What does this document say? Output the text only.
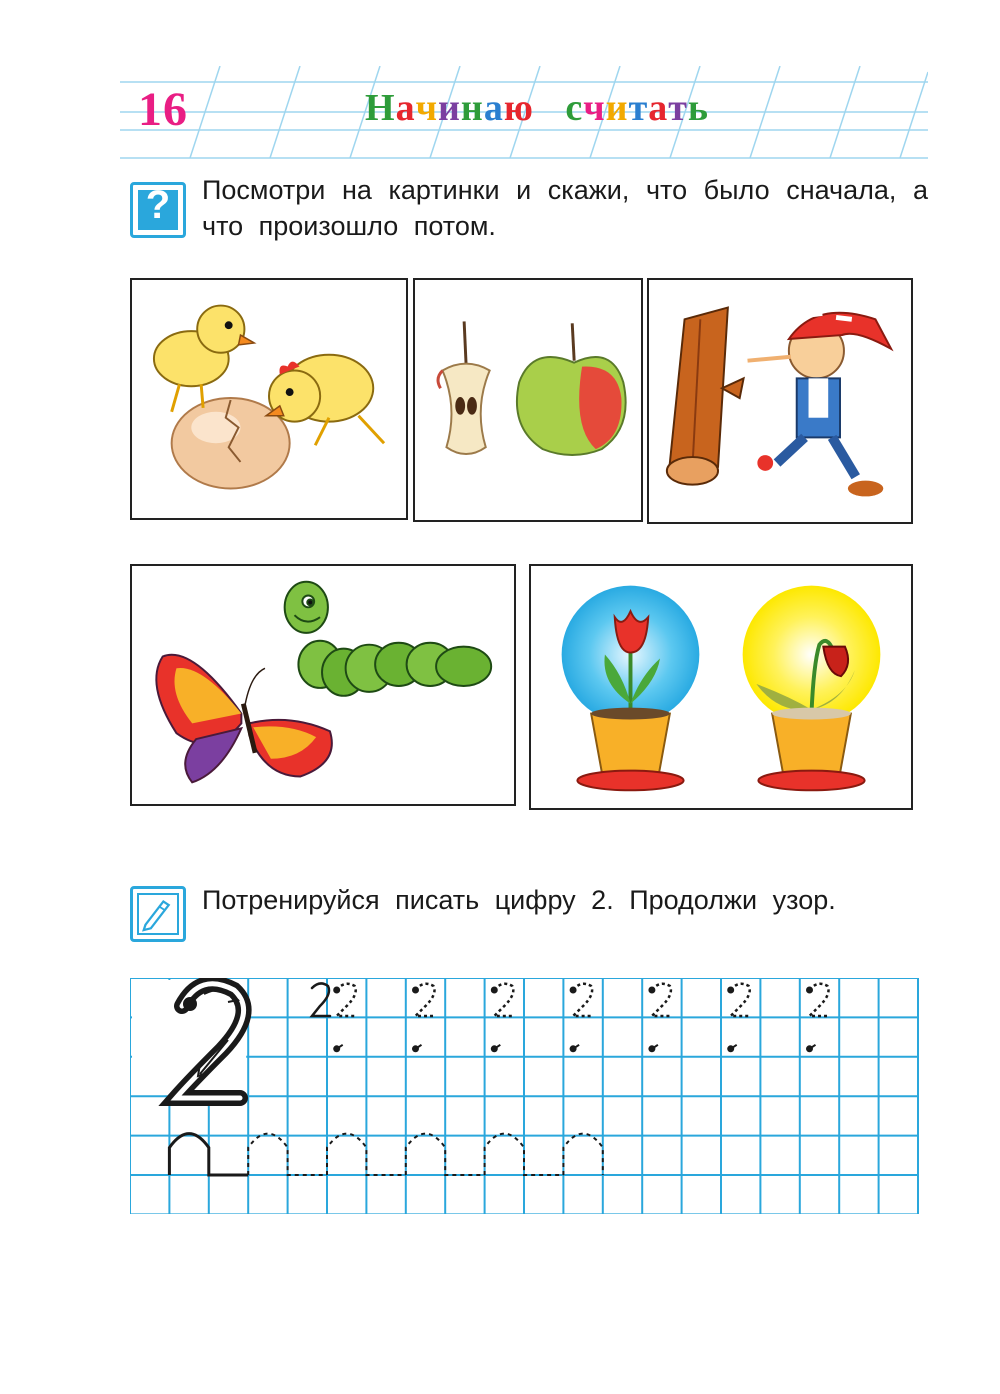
16	Начинаю считать
?	Посмотри на картинки и скажи, что было сначала, а что произошло потом.
Потренируйся писать цифру 2. Продолжи узор.
